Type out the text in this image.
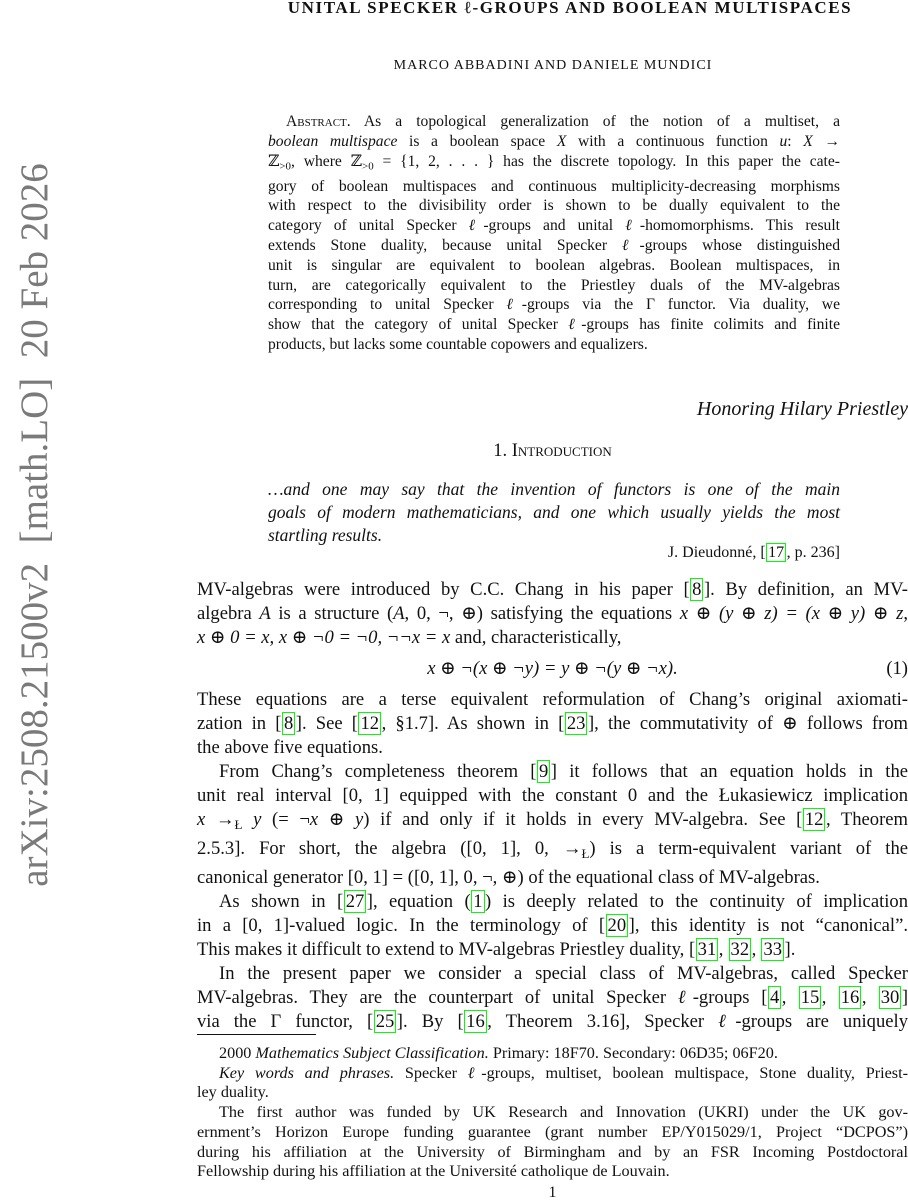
arXiv:2508.21500v2  [math.LO]  20 Feb 2026
UNITAL SPECKER ℓ-GROUPS AND BOOLEAN MULTISPACES
MARCO ABBADINI AND DANIELE MUNDICI
Abstract. As a topological generalization of the notion of a multiset, a
boolean multispace is a boolean space X with a continuous function u: X →
ℤ$_{>0}$, where ℤ$_{>0}$ = {1, 2, . . . } has the discrete topology. In this paper the cate-
gory of boolean multispaces and continuous multiplicity-decreasing morphisms
with respect to the divisibility order is shown to be dually equivalent to the
category of unital Specker ℓ-groups and unital ℓ-homomorphisms. This result
extends Stone duality, because unital Specker ℓ-groups whose distinguished
unit is singular are equivalent to boolean algebras. Boolean multispaces, in
turn, are categorically equivalent to the Priestley duals of the MV-algebras
corresponding to unital Specker ℓ-groups via the Γ functor. Via duality, we
show that the category of unital Specker ℓ-groups has finite colimits and finite
products, but lacks some countable copowers and equalizers.
Honoring Hilary Priestley
1. Introduction
…and one may say that the invention of functors is one of the main
goals of modern mathematicians, and one which usually yields the most
startling results.
J. Dieudonné, [ 17 , p. 236]
MV-algebras were introduced by C.C. Chang in his paper [ 8 ]. By definition, an MV-
algebra A is a structure (A, 0, ¬, ⊕) satisfying the equations x ⊕ (y ⊕ z) = (x ⊕ y) ⊕ z,
x ⊕ 0 = x, x ⊕ ¬0 = ¬0, ¬¬x = x and, characteristically,
x ⊕ ¬(x ⊕ ¬y) = y ⊕ ¬(y ⊕ ¬x).	(1)
These equations are a terse equivalent reformulation of Chang’s original axiomati-
zation in [ 8 ]. See [ 12 , §1.7]. As shown in [ 23 ], the commutativity of ⊕ follows from
the above five equations.
From Chang’s completeness theorem [ 9 ] it follows that an equation holds in the
unit real interval [0, 1] equipped with the constant 0 and the Łukasiewicz implication
$x \to_Ł$ y (= ¬x ⊕ y) if and only if it holds in every MV-algebra. See [ 12 , Theorem
2.5.3]. For short, the algebra ([0, 1], 0, $\to_Ł$) is a term-equivalent variant of the
canonical generator [0, 1] = ([0, 1], 0, ¬, ⊕) of the equational class of MV-algebras.
As shown in [ 27 ], equation ( 1 ) is deeply related to the continuity of implication
in a [0, 1]-valued logic. In the terminology of [ 20 ], this identity is not “canonical”.
This makes it difficult to extend to MV-algebras Priestley duality, [ 31 , 32 , 33 ].
In the present paper we consider a special class of MV-algebras, called Specker
MV-algebras. They are the counterpart of unital Specker ℓ-groups [ 4 , 15 , 16 , 30 ]
via the Γ functor, [ 25 ]. By [ 16 , Theorem 3.16], Specker ℓ-groups are uniquely
2000 Mathematics Subject Classification. Primary: 18F70. Secondary: 06D35; 06F20.
Key words and phrases. Specker ℓ-groups, multiset, boolean multispace, Stone duality, Priest-
ley duality.
The first author was funded by UK Research and Innovation (UKRI) under the UK gov-
ernment’s Horizon Europe funding guarantee (grant number EP/Y015029/1, Project “DCPOS”)
during his affiliation at the University of Birmingham and by an FSR Incoming Postdoctoral
Fellowship during his affiliation at the Université catholique de Louvain.
1
